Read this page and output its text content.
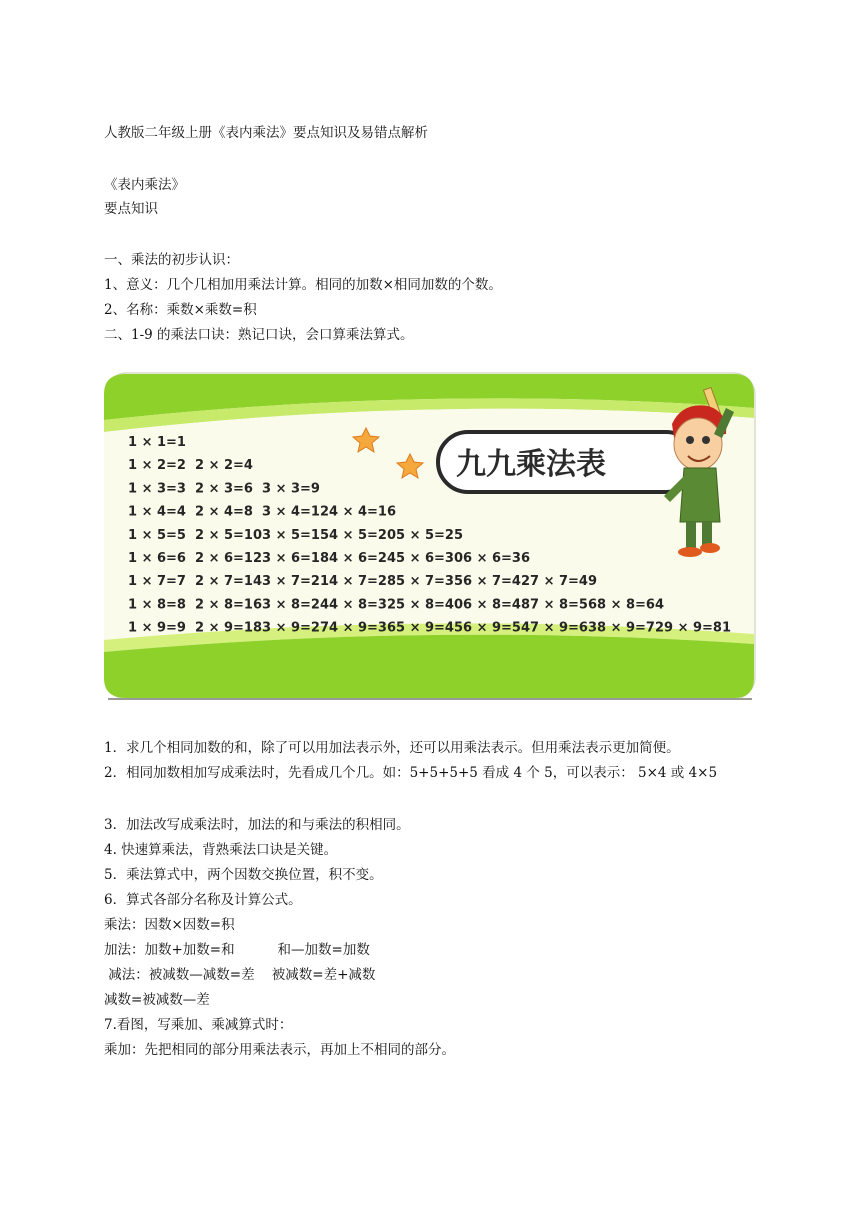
人教版二年级上册《表内乘法》要点知识及易错点解析
《表内乘法》
要点知识
一、乘法的初步认识：
1、意义：几个几相加用乘法计算。相同的加数×相同加数的个数。
2、名称：乘数×乘数=积
二、1-9 的乘法口诀：熟记口诀，会口算乘法算式。
九九乘法表
1 × 1=1
1 × 2=2 2 × 2=4
1 × 3=3 2 × 3=6 3 × 3=9
1 × 4=4 2 × 4=8 3 × 4=12 4 × 4=16
1 × 5=5 2 × 5=10 3 × 5=15 4 × 5=20 5 × 5=25
1 × 6=6 2 × 6=12 3 × 6=18 4 × 6=24 5 × 6=30 6 × 6=36
1 × 7=7 2 × 7=14 3 × 7=21 4 × 7=28 5 × 7=35 6 × 7=42 7 × 7=49
1 × 8=8 2 × 8=16 3 × 8=24 4 × 8=32 5 × 8=40 6 × 8=48 7 × 8=56 8 × 8=64
1 × 9=9 2 × 9=18 3 × 9=27 4 × 9=36 5 × 9=45 6 × 9=54 7 × 9=63 8 × 9=72 9 × 9=81
1．求几个相同加数的和，除了可以用加法表示外，还可以用乘法表示。但用乘法表示更加简便。
2．相同加数相加写成乘法时，先看成几个几。如：5+5+5+5 看成 4 个 5，可以表示： 5×4 或 4×5
3．加法改写成乘法时，加法的和与乘法的积相同。
4. 快速算乘法，背熟乘法口诀是关键。
5．乘法算式中，两个因数交换位置，积不变。
6．算式各部分名称及计算公式。
乘法：因数×因数=积
加法：加数+加数=和          和—加数=加数
减法：被减数—减数=差    被减数=差+减数
减数=被减数—差
7.看图，写乘加、乘减算式时：
乘加：先把相同的部分用乘法表示，再加上不相同的部分。
